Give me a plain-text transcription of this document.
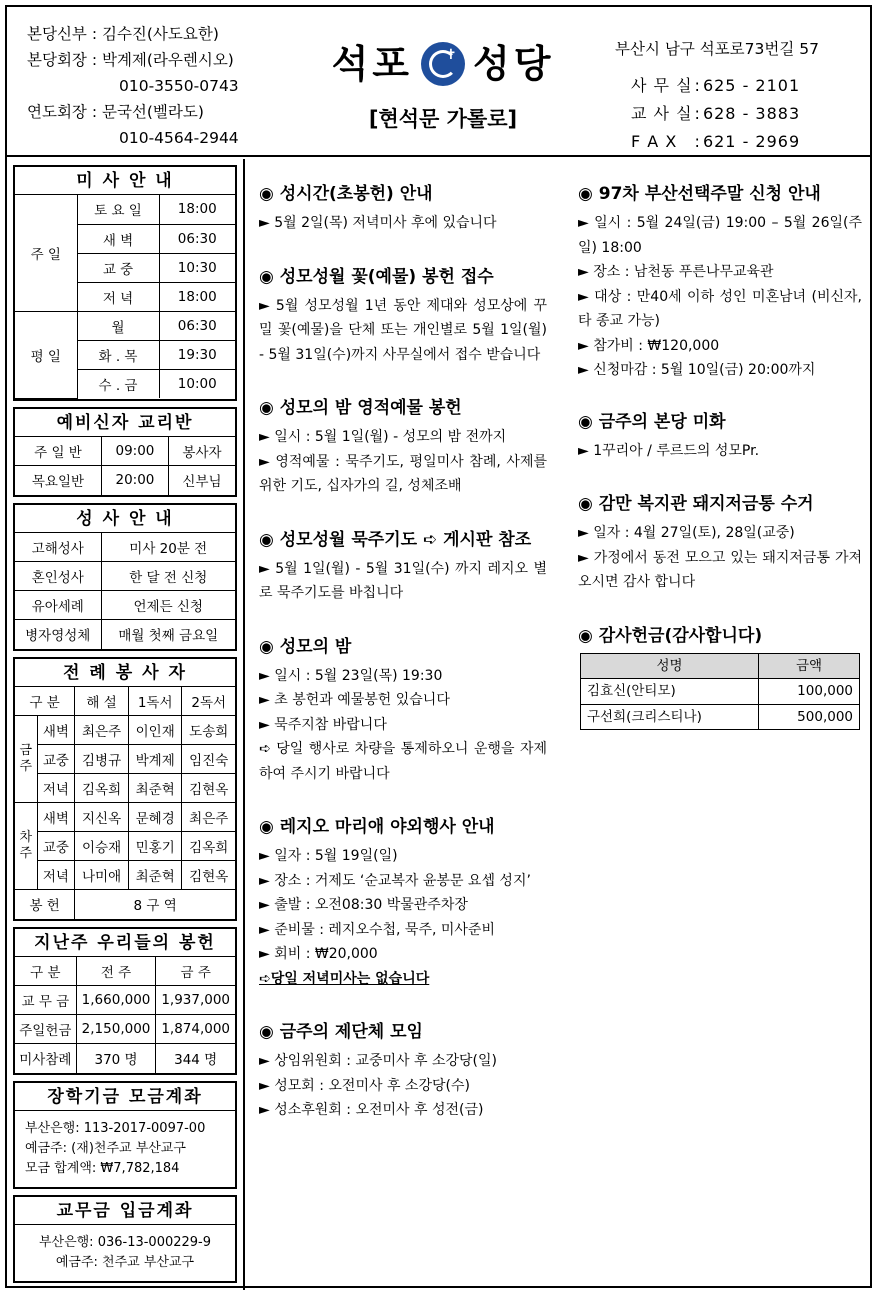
본당신부 : 김수진(사도요한)
본당회장 : 박계제(라우렌시오)
010-3550-0743
연도회장 : 문국선(벨라도)
010-4564-2944
석포 ✝ 성당
[현석문 가롤로]
부산시 남구 석포로73번길 57
사 무 실	:	625 - 2101
교 사 실	:	628 - 3883
F A X	:	621 - 2969
미 사 안 내
주 일	토 요 일	18:00
	새 벽	06:30
	교 중	10:30
	저 녁	18:00
평 일	월	06:30
	화 . 목	19:30
	수 . 금	10:00
예비신자 교리반
주 일 반	09:00	봉사자
목요일반	20:00	신부님
성 사 안 내
고해성사	미사 20분 전
혼인성사	한 달 전 신청
유아세례	언제든 신청
병자영성체	매월 첫째 금요일
전 례 봉 사 자
구 분		해 설	1독서	2독서
금주	새벽	최은주	이인재	도송희
	교중	김병규	박계제	임진숙
	저녁	김옥희	최준혁	김현옥
차주	새벽	지신옥	문혜경	최은주
	교중	이승재	민홍기	김옥희
	저녁	나미애	최준혁	김현옥
봉 헌		8 구 역		
지난주 우리들의 봉헌
구 분	전 주	금 주
교 무 금	1,660,000	1,937,000
주일헌금	2,150,000	1,874,000
미사참례	370 명	344 명
장학기금 모금계좌
부산은행: 113-2017-0097-00
예금주: (재)천주교 부산교구
모금 합계액: ₩7,782,184
교무금 입금계좌
부산은행: 036-13-000229-9
예금주: 천주교 부산교구
◉ 성시간(초봉헌) 안내
► 5월 2일(목) 저녁미사 후에 있습니다
◉ 성모성월 꽃(예물) 봉헌 접수
► 5월 성모성월 1년 동안 제대와 성모상에 꾸밀 꽃(예물)을 단체 또는 개인별로 5월 1일(월) - 5월 31일(수)까지 사무실에서 접수 받습니다
◉ 성모의 밤 영적예물 봉헌
► 일시 : 5월 1일(월) - 성모의 밤 전까지
► 영적예물 : 묵주기도, 평일미사 참례, 사제를 위한 기도, 십자가의 길, 성체조배
◉ 성모성월 묵주기도 ➪ 게시판 참조
► 5월 1일(월) - 5월 31일(수) 까지 레지오 별로 묵주기도를 바칩니다
◉ 성모의 밤
► 일시 : 5월 23일(목) 19:30
► 초 봉헌과 예물봉헌 있습니다
► 묵주지참 바랍니다
➪ 당일 행사로 차량을 통제하오니 운행을 자제하여 주시기 바랍니다
◉ 레지오 마리애 야외행사 안내
► 일자 : 5월 19일(일)
► 장소 : 거제도 ‘순교복자 윤봉문 요셉 성지’
► 출발 : 오전08:30 박물관주차장
► 준비물 : 레지오수첩, 묵주, 미사준비
► 회비 : ₩20,000
➪당일 저녁미사는 없습니다
◉ 금주의 제단체 모임
► 상임위원회 : 교중미사 후 소강당(일)
► 성모회 : 오전미사 후 소강당(수)
► 성소후원회 : 오전미사 후 성전(금)
◉ 97차 부산선택주말 신청 안내
► 일시 : 5월 24일(금) 19:00 – 5월 26일(주일) 18:00
► 장소 : 남천동 푸른나무교육관
► 대상 : 만40세 이하 성인 미혼남녀 (비신자, 타 종교 가능)
► 참가비 : ₩120,000
► 신청마감 : 5월 10일(금) 20:00까지
◉ 금주의 본당 미화
► 1꾸리아 / 루르드의 성모Pr.
◉ 감만 복지관 돼지저금통 수거
► 일자 : 4월 27일(토), 28일(교중)
► 가정에서 동전 모으고 있는 돼지저금통 가져오시면 감사 합니다
◉ 감사헌금(감사합니다)
성명	금액
김효신(안티모)	100,000
구선희(크리스티나)	500,000
